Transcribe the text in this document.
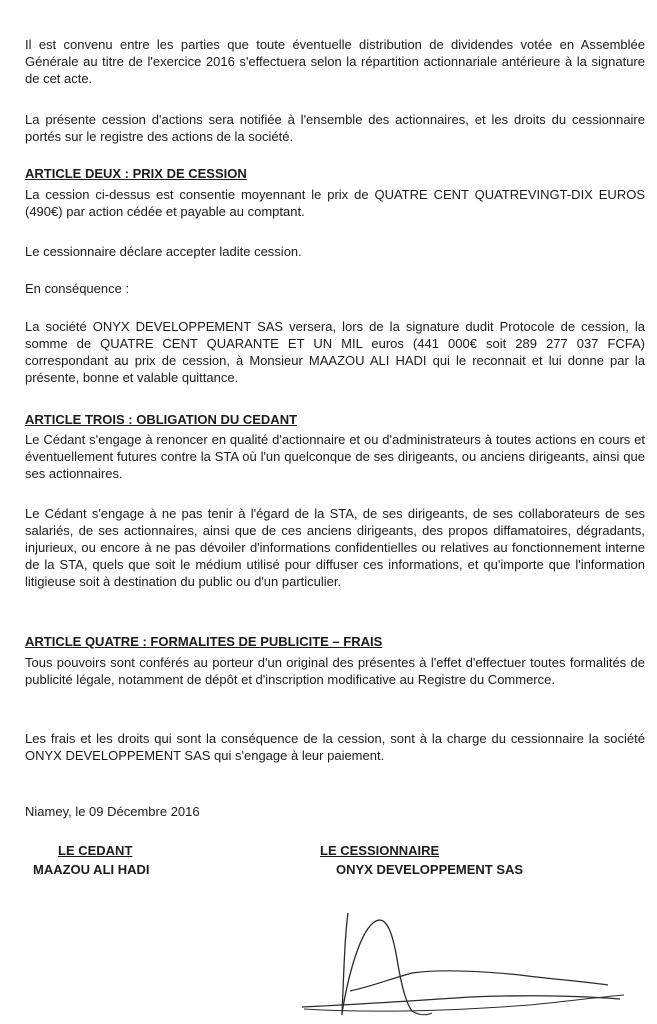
Il est convenu entre les parties que toute éventuelle distribution de dividendes votée en Assemblée Générale au titre de l'exercice 2016 s'effectuera selon la répartition actionnariale antérieure à la signature de cet acte.

La présente cession d'actions sera notifiée à l'ensemble des actionnaires, et les droits du cessionnaire portés sur le registre des actions de la société.

ARTICLE DEUX : PRIX DE CESSION

La cession ci-dessus est consentie moyennant le prix de QUATRE CENT QUATREVINGT-DIX EUROS (490€) par action cédée et payable au comptant.

Le cessionnaire déclare accepter ladite cession.

En conséquence :

La société ONYX DEVELOPPEMENT SAS versera, lors de la signature dudit Protocole de cession, la somme de QUATRE CENT QUARANTE ET UN MIL euros (441 000€ soit 289 277 037 FCFA) correspondant au prix de cession, à Monsieur MAAZOU ALI HADI qui le reconnait et lui donne par la présente, bonne et valable quittance.

ARTICLE TROIS : OBLIGATION DU CEDANT

Le Cédant s'engage à renoncer en qualité d'actionnaire et ou d'administrateurs à toutes actions en cours et éventuellement futures contre la STA où l'un quelconque de ses dirigeants, ou anciens dirigeants, ainsi que ses actionnaires.

Le Cédant s'engage à ne pas tenir à l'égard de la STA, de ses dirigeants, de ses collaborateurs de ses salariés, de ses actionnaires, ainsi que de ces anciens dirigeants, des propos diffamatoires, dégradants, injurieux, ou encore à ne pas dévoiler d'informations confidentielles ou relatives au fonctionnement interne de la STA, quels que soit le médium utilisé pour diffuser ces informations, et qu'importe que l'information litigieuse soit à destination du public ou d'un particulier.

ARTICLE QUATRE : FORMALITES DE PUBLICITE – FRAIS

Tous pouvoirs sont conférés au porteur d'un original des présentes à l'effet d'effectuer toutes formalités de publicité légale, notamment de dépôt et d'inscription modificative au Registre du Commerce.

Les frais et les droits qui sont la conséquence de la cession, sont à la charge du cessionnaire la société ONYX DEVELOPPEMENT SAS qui s'engage à leur paiement.

Niamey, le 09 Décembre 2016

LE CEDANT
MAAZOU ALI HADI
LE CESSIONNAIRE
ONYX DEVELOPPEMENT SAS
